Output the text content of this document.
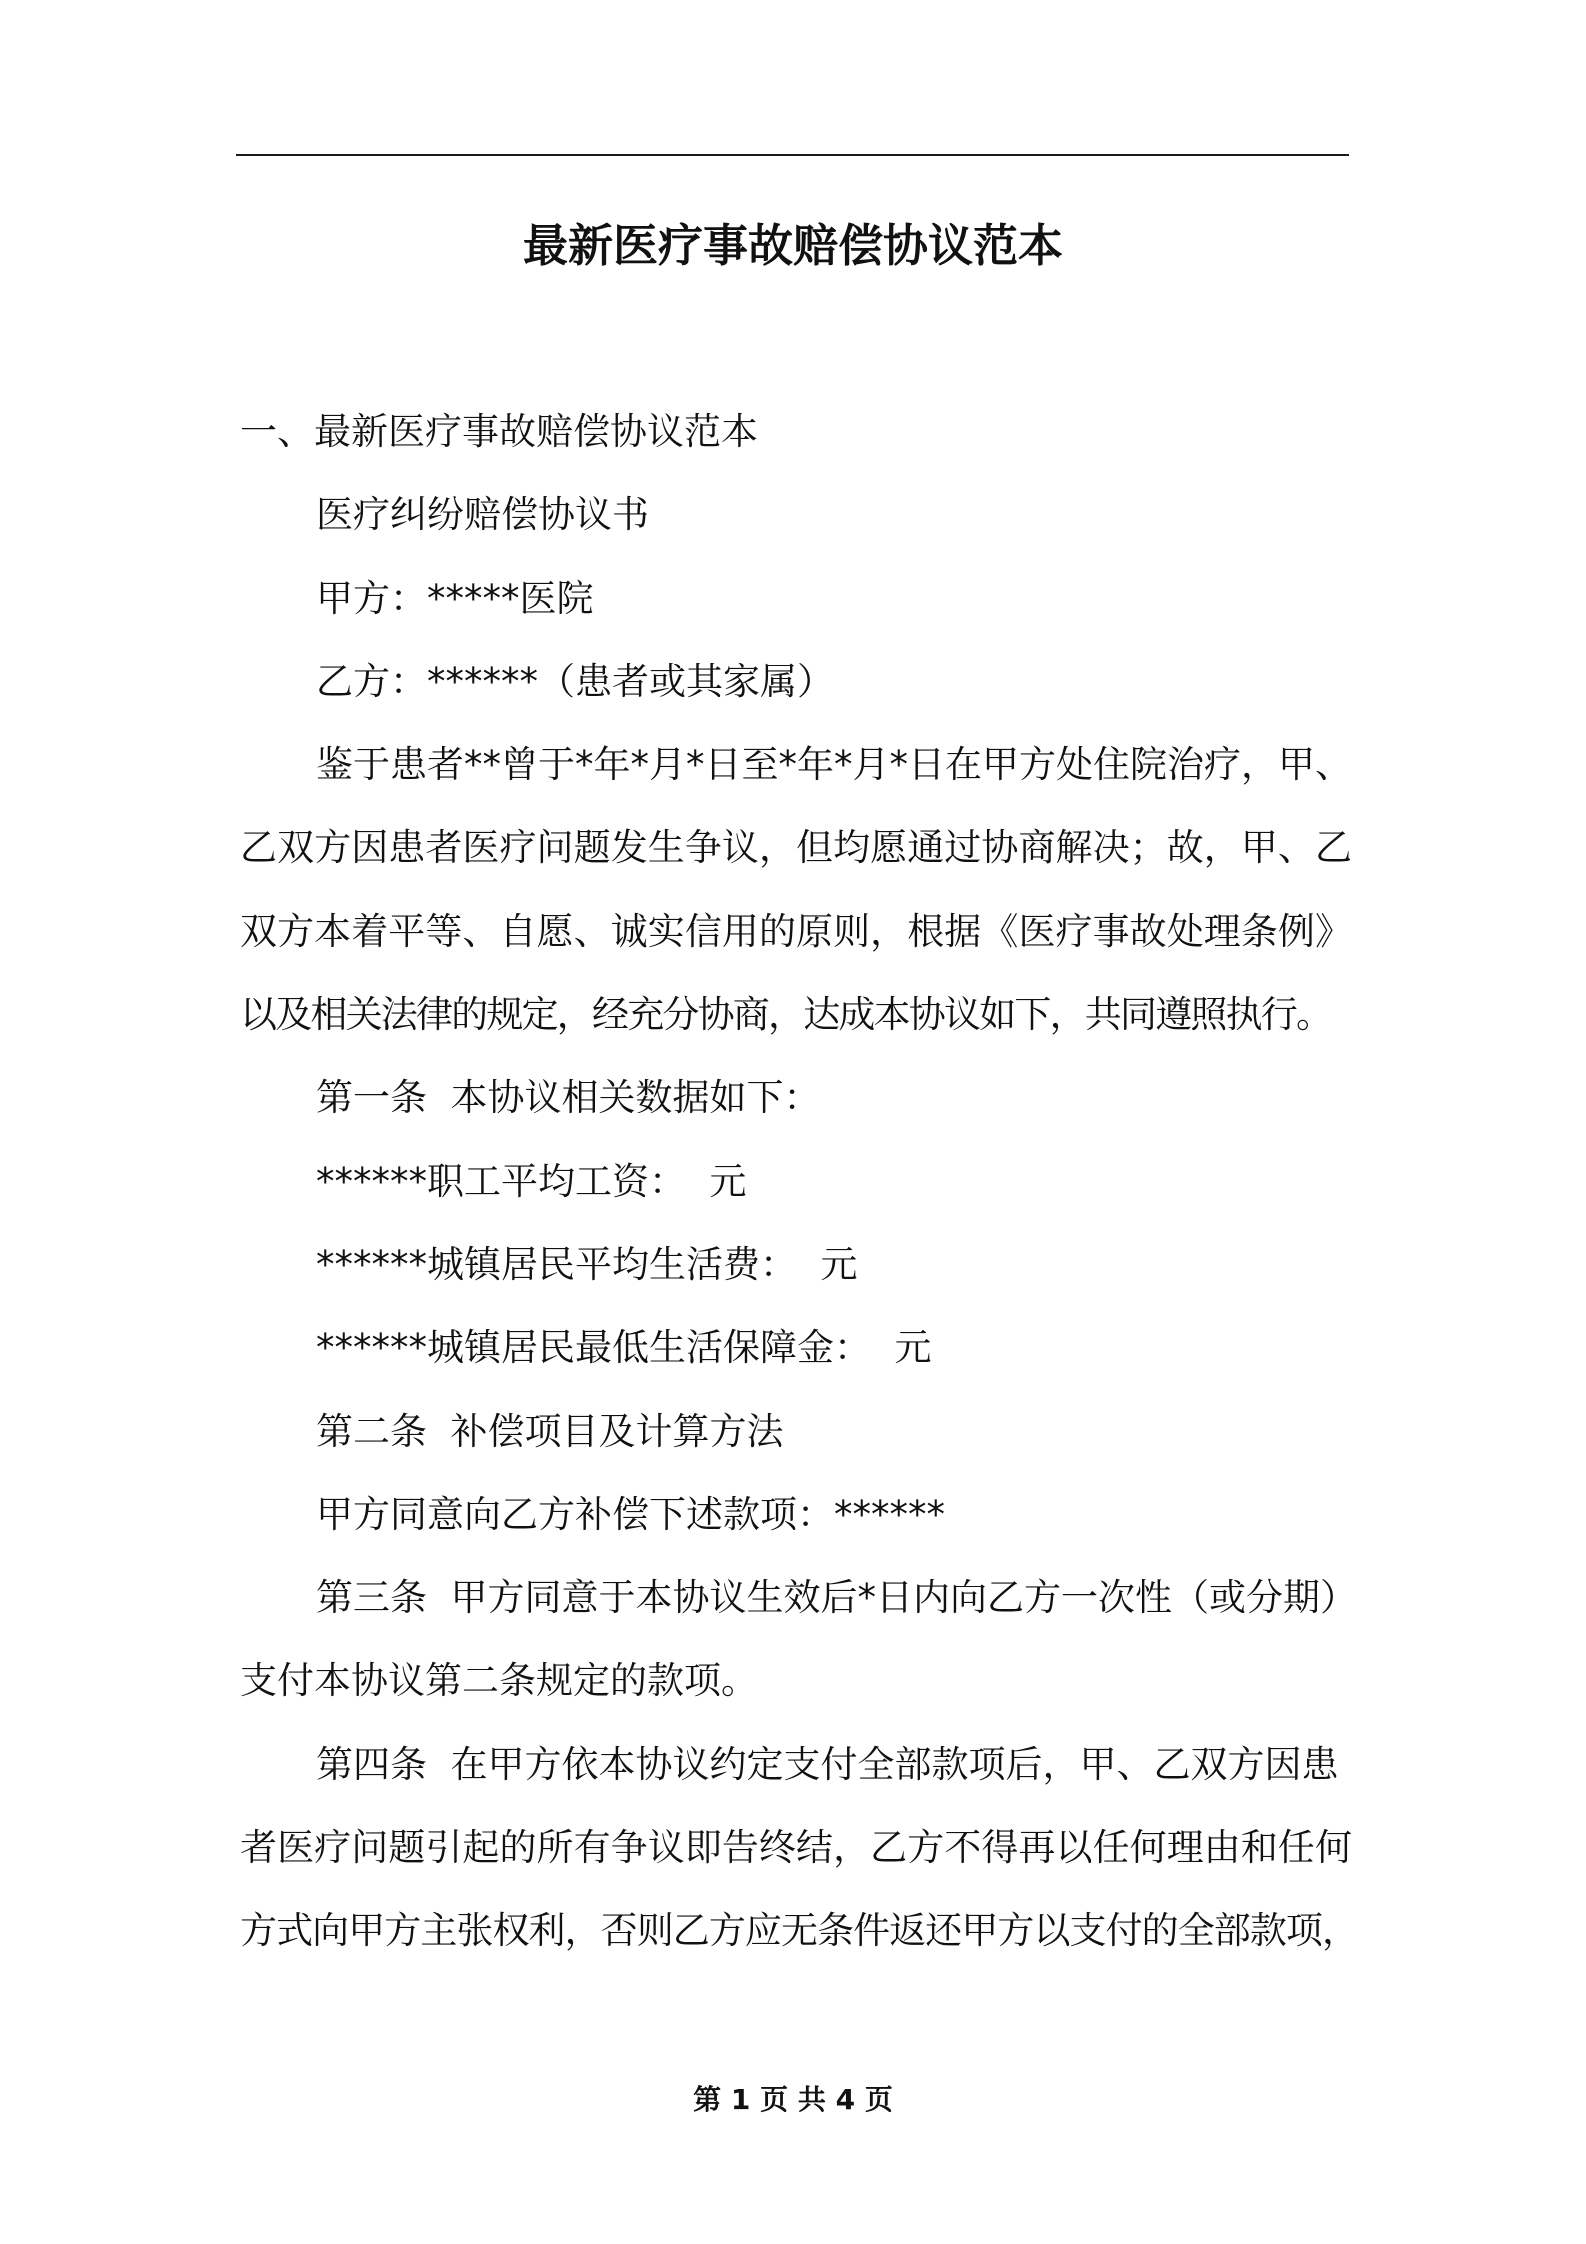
最新医疗事故赔偿协议范本
一、最新医疗事故赔偿协议范本
医疗纠纷赔偿协议书
甲方：*****医院
乙方：******（患者或其家属）
鉴于患者**曾于*年*月*日至*年*月*日在甲方处住院治疗，甲、
乙双方因患者医疗问题发生争议，但均愿通过协商解决；故，甲、乙
双方本着平等、自愿、诚实信用的原则，根据《医疗事故处理条例》
以及相关法律的规定，经充分协商，达成本协议如下，共同遵照执行。
第一条  本协议相关数据如下：
******职工平均工资：  元
******城镇居民平均生活费：  元
******城镇居民最低生活保障金：  元
第二条  补偿项目及计算方法
甲方同意向乙方补偿下述款项：******
第三条  甲方同意于本协议生效后*日内向乙方一次性（或分期）
支付本协议第二条规定的款项。
第四条  在甲方依本协议约定支付全部款项后，甲、乙双方因患
者医疗问题引起的所有争议即告终结，乙方不得再以任何理由和任何
方式向甲方主张权利，否则乙方应无条件返还甲方以支付的全部款项，
第 1 页 共 4 页
